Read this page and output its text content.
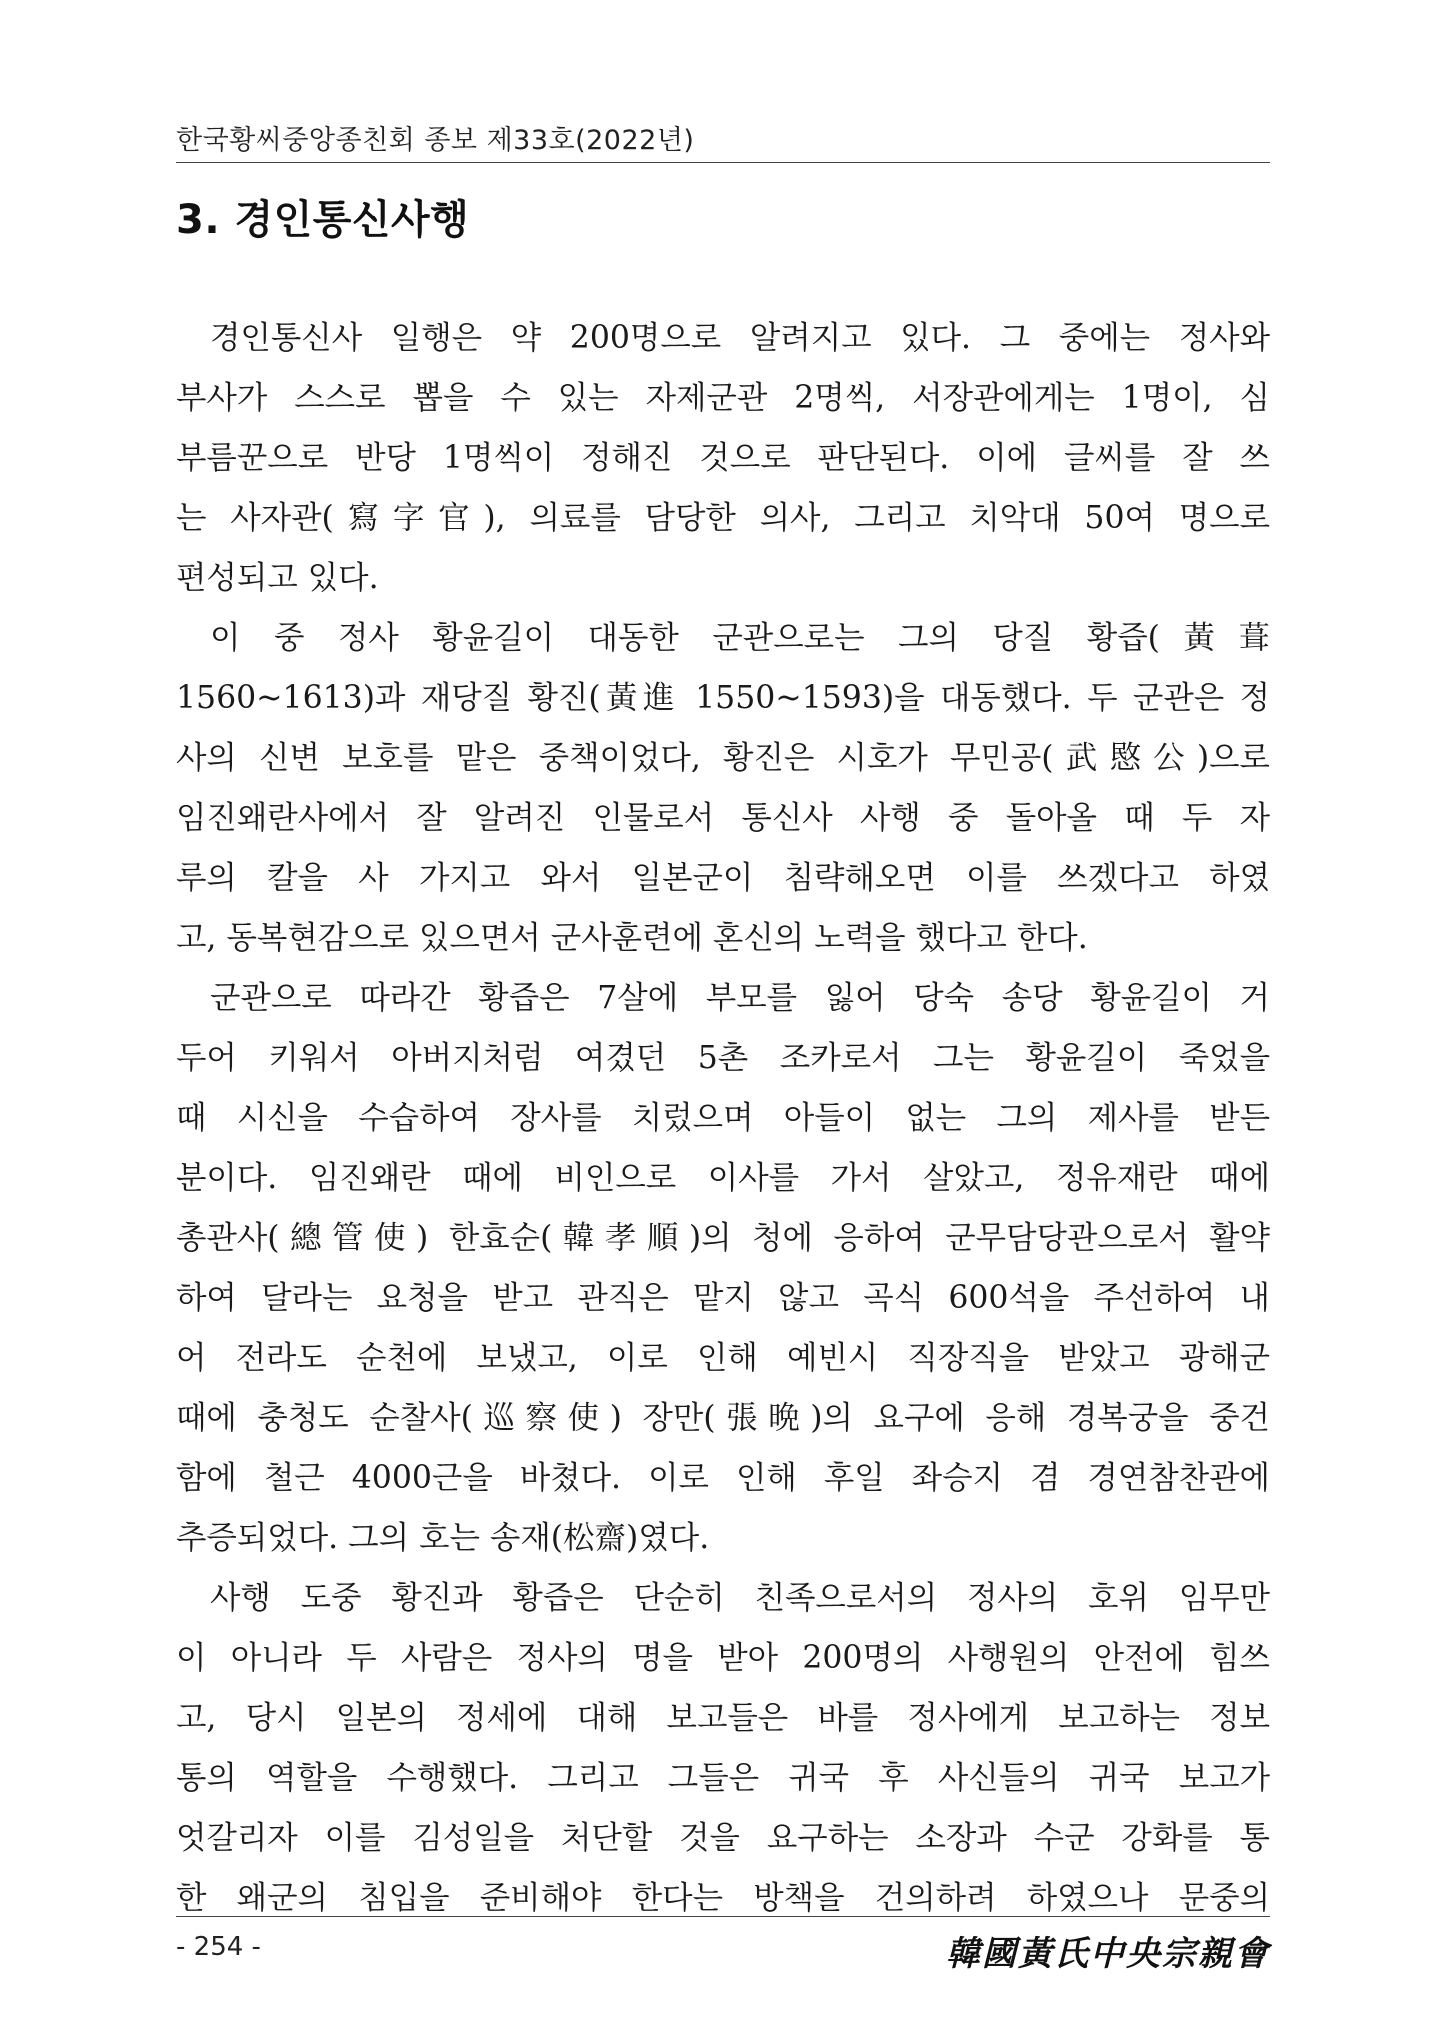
한국황씨중앙종친회 종보 제33호(2022년)
3. 경인통신사행
경인통신사 일행은 약 200명으로 알려지고 있다. 그 중에는 정사와
부사가 스스로 뽑을 수 있는 자제군관 2명씩, 서장관에게는 1명이, 심
부름꾼으로 반당 1명씩이 정해진 것으로 판단된다. 이에 글씨를 잘 쓰
는 사자관(寫字官), 의료를 담당한 의사, 그리고 치악대 50여 명으로
편성되고 있다.
이 중 정사 황윤길이 대동한 군관으로는 그의 당질 황즙(黃葺
1560~1613)과 재당질 황진(黃進 1550~1593)을 대동했다. 두 군관은 정
사의 신변 보호를 맡은 중책이었다, 황진은 시호가 무민공(武愍公)으로
임진왜란사에서 잘 알려진 인물로서 통신사 사행 중 돌아올 때 두 자
루의 칼을 사 가지고 와서 일본군이 침략해오면 이를 쓰겠다고 하였
고, 동복현감으로 있으면서 군사훈련에 혼신의 노력을 했다고 한다.
군관으로 따라간 황즙은 7살에 부모를 잃어 당숙 송당 황윤길이 거
두어 키워서 아버지처럼 여겼던 5촌 조카로서 그는 황윤길이 죽었을
때 시신을 수습하여 장사를 치렀으며 아들이 없는 그의 제사를 받든
분이다. 임진왜란 때에 비인으로 이사를 가서 살았고, 정유재란 때에
총관사(總管使) 한효순(韓孝順)의 청에 응하여 군무담당관으로서 활약
하여 달라는 요청을 받고 관직은 맡지 않고 곡식 600석을 주선하여 내
어 전라도 순천에 보냈고, 이로 인해 예빈시 직장직을 받았고 광해군
때에 충청도 순찰사(巡察使) 장만(張晩)의 요구에 응해 경복궁을 중건
함에 철근 4000근을 바쳤다. 이로 인해 후일 좌승지 겸 경연참찬관에
추증되었다. 그의 호는 송재(松齋)였다.
사행 도중 황진과 황즙은 단순히 친족으로서의 정사의 호위 임무만
이 아니라 두 사람은 정사의 명을 받아 200명의 사행원의 안전에 힘쓰
고, 당시 일본의 정세에 대해 보고들은 바를 정사에게 보고하는 정보
통의 역할을 수행했다. 그리고 그들은 귀국 후 사신들의 귀국 보고가
엇갈리자 이를 김성일을 처단할 것을 요구하는 소장과 수군 강화를 통
한 왜군의 침입을 준비해야 한다는 방책을 건의하려 하였으나 문중의
- 254 -	韓國黃氏中央宗親會
